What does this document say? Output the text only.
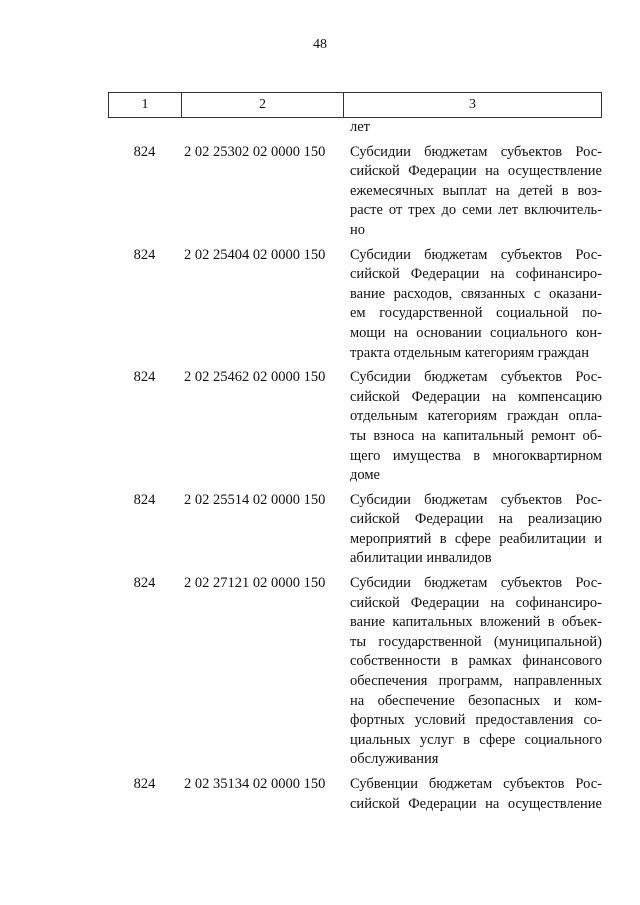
48
1	2	3
лет
824	2 02 25302 02 0000 150	Субсидии бюджетам субъектов Рос-
сийской Федерации на осуществление
ежемесячных выплат на детей в воз-
расте от трех до семи лет включитель-
но
824	2 02 25404 02 0000 150	Субсидии бюджетам субъектов Рос-
сийской Федерации на софинансиро-
вание расходов, связанных с оказани-
ем государственной социальной по-
мощи на основании социального кон-
тракта отдельным категориям граждан
824	2 02 25462 02 0000 150	Субсидии бюджетам субъектов Рос-
сийской Федерации на компенсацию
отдельным категориям граждан опла-
ты взноса на капитальный ремонт об-
щего имущества в многоквартирном
доме
824	2 02 25514 02 0000 150	Субсидии бюджетам субъектов Рос-
сийской Федерации на реализацию
мероприятий в сфере реабилитации и
абилитации инвалидов
824	2 02 27121 02 0000 150	Субсидии бюджетам субъектов Рос-
сийской Федерации на софинансиро-
вание капитальных вложений в объек-
ты государственной (муниципальной)
собственности в рамках финансового
обеспечения программ, направленных
на обеспечение безопасных и ком-
фортных условий предоставления со-
циальных услуг в сфере социального
обслуживания
824	2 02 35134 02 0000 150	Субвенции бюджетам субъектов Рос-
сийской Федерации на осуществление
